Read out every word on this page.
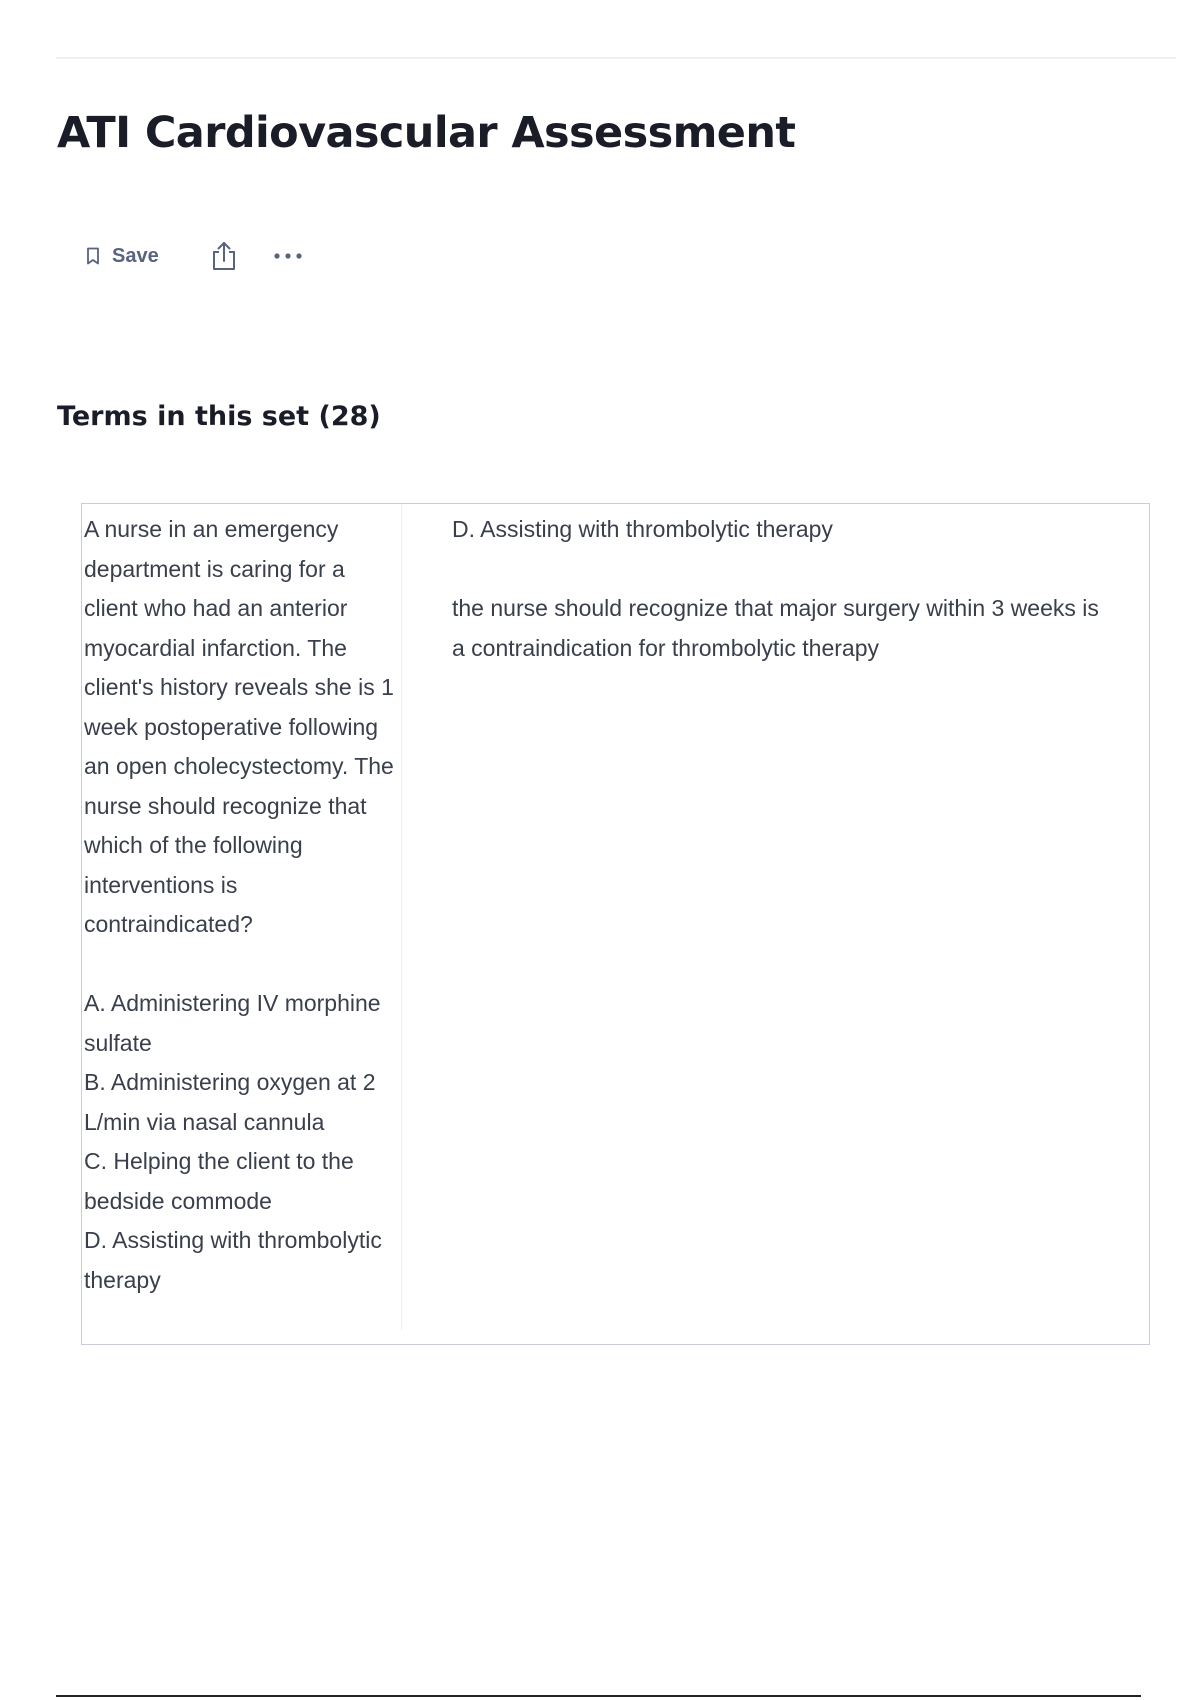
ATI Cardiovascular Assessment
Save
Terms in this set (28)
A nurse in an emergency department is caring for a client who had an anterior myocardial infarction. The client's history reveals she is 1 week postoperative following an open cholecystectomy. The nurse should recognize that which of the following interventions is contraindicated?

A. Administering IV morphine sulfate
B. Administering oxygen at 2 L/min via nasal cannula
C. Helping the client to the bedside commode
D. Assisting with thrombolytic therapy

D. Assisting with thrombolytic therapy

the nurse should recognize that major surgery within 3 weeks is a contraindication for thrombolytic therapy
